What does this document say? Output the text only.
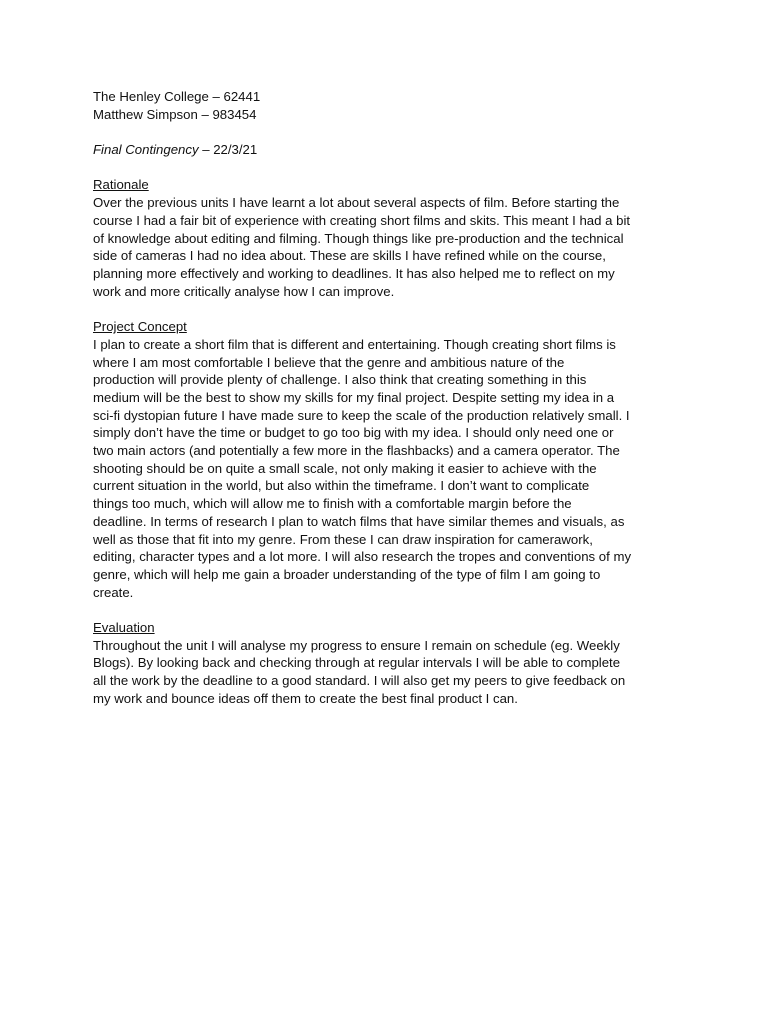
The Henley College – 62441
Matthew Simpson – 983454
Final Contingency – 22/3/21
Rationale
Over the previous units I have learnt a lot about several aspects of film. Before starting the
course I had a fair bit of experience with creating short films and skits. This meant I had a bit
of knowledge about editing and filming. Though things like pre-production and the technical
side of cameras I had no idea about. These are skills I have refined while on the course,
planning more effectively and working to deadlines. It has also helped me to reflect on my
work and more critically analyse how I can improve.
Project Concept
I plan to create a short film that is different and entertaining. Though creating short films is
where I am most comfortable I believe that the genre and ambitious nature of the
production will provide plenty of challenge. I also think that creating something in this
medium will be the best to show my skills for my final project. Despite setting my idea in a
sci-fi dystopian future I have made sure to keep the scale of the production relatively small. I
simply don’t have the time or budget to go too big with my idea. I should only need one or
two main actors (and potentially a few more in the flashbacks) and a camera operator. The
shooting should be on quite a small scale, not only making it easier to achieve with the
current situation in the world, but also within the timeframe. I don’t want to complicate
things too much, which will allow me to finish with a comfortable margin before the
deadline. In terms of research I plan to watch films that have similar themes and visuals, as
well as those that fit into my genre. From these I can draw inspiration for camerawork,
editing, character types and a lot more. I will also research the tropes and conventions of my
genre, which will help me gain a broader understanding of the type of film I am going to
create.
Evaluation
Throughout the unit I will analyse my progress to ensure I remain on schedule (eg. Weekly
Blogs). By looking back and checking through at regular intervals I will be able to complete
all the work by the deadline to a good standard. I will also get my peers to give feedback on
my work and bounce ideas off them to create the best final product I can.
